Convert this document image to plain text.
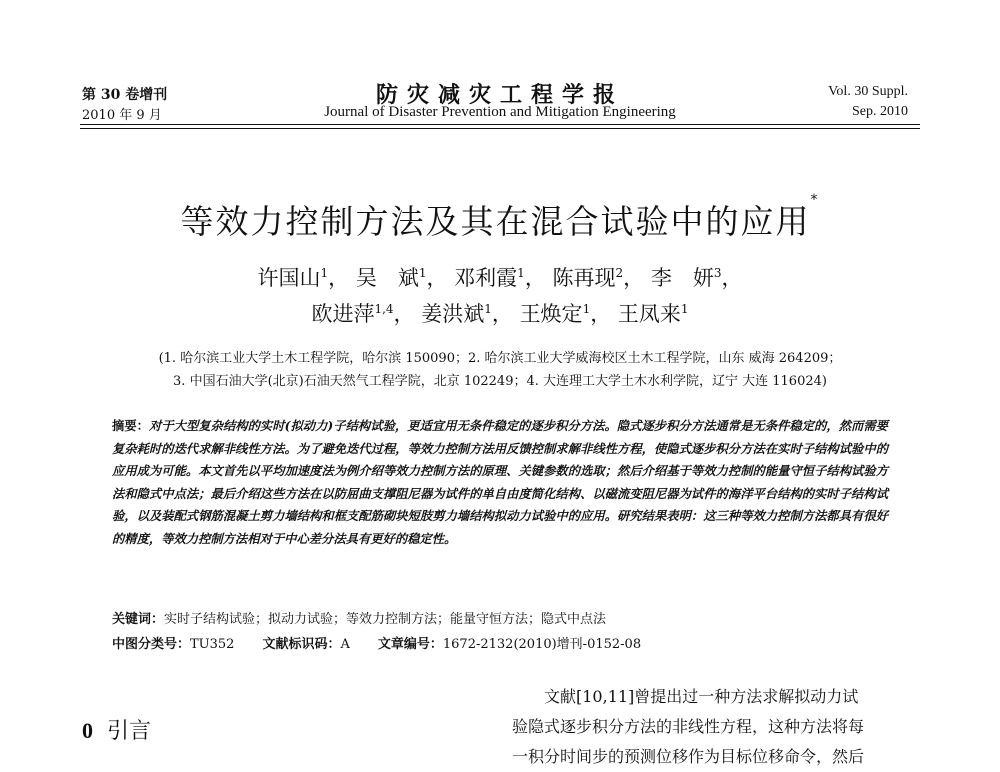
第 30 卷增刊
2010 年 9 月
防灾减灾工程学报
Journal of Disaster Prevention and Mitigation Engineering
Vol. 30 Suppl.
Sep. 2010
等效力控制方法及其在混合试验中的应用*
许国山$^1$， 吴　斌$^1$， 邓利霞$^1$， 陈再现$^2$， 李　妍$^3$，
欧进萍$^{1,4}$， 姜洪斌$^1$， 王焕定$^1$， 王凤来$^1$
(1. 哈尔滨工业大学土木工程学院，哈尔滨 150090；2. 哈尔滨工业大学威海校区土木工程学院，山东 威海 264209；
3. 中国石油大学(北京)石油天然气工程学院，北京 102249；4. 大连理工大学土木水利学院，辽宁 大连 116024)
摘要：对于大型复杂结构的实时(拟动力)子结构试验，更适宜用无条件稳定的逐步积分方法。隐式逐步积分方法通常是无条件稳定的，然而需要复杂耗时的迭代求解非线性方法。为了避免迭代过程，等效力控制方法用反馈控制求解非线性方程，使隐式逐步积分方法在实时子结构试验中的应用成为可能。本文首先以平均加速度法为例介绍等效力控制方法的原理、关键参数的选取；然后介绍基于等效力控制的能量守恒子结构试验方法和隐式中点法；最后介绍这些方法在以防屈曲支撑阻尼器为试件的单自由度简化结构、以磁流变阻尼器为试件的海洋平台结构的实时子结构试验，以及装配式钢筋混凝土剪力墙结构和框支配筋砌块短肢剪力墙结构拟动力试验中的应用。研究结果表明：这三种等效力控制方法都具有很好的精度，等效力控制方法相对于中心差分法具有更好的稳定性。
关键词：实时子结构试验；拟动力试验；等效力控制方法；能量守恒方法；隐式中点法
中图分类号：TU352 文献标识码：A 文章编号：1672-2132(2010)增刊-0152-08
0 引言
文献[10,11]曾提出过一种方法求解拟动力试
验隐式逐步积分方法的非线性方程，这种方法将每
一积分时间步的预测位移作为目标位移命令，然后
